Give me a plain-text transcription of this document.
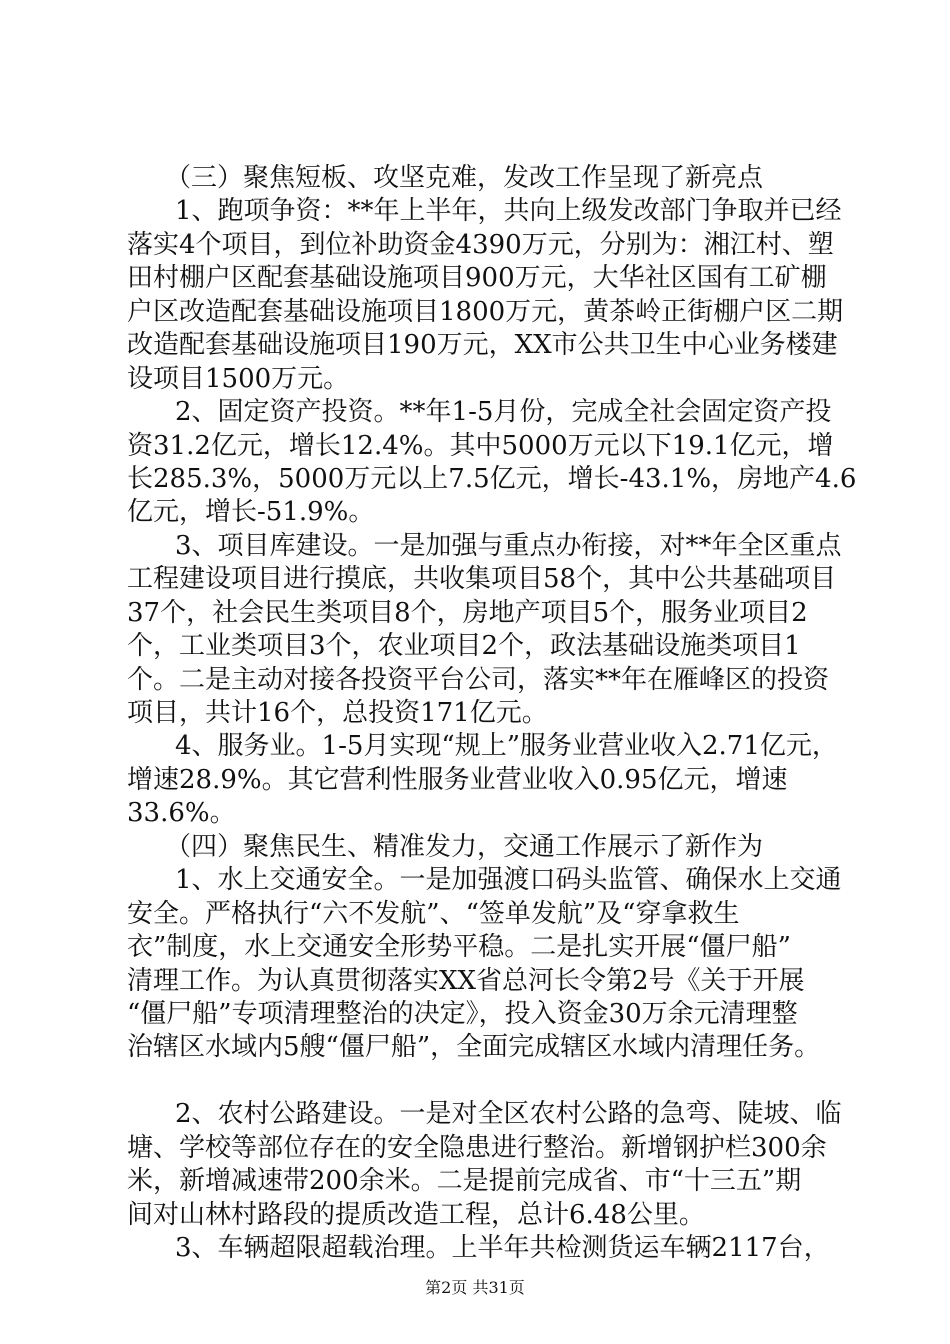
（三）聚焦短板、攻坚克难，发改工作呈现了新亮点
1、跑项争资：**年上半年，共向上级发改部门争取并已经
落实4个项目，到位补助资金4390万元，分别为：湘江村、塑
田村棚户区配套基础设施项目900万元，大华社区国有工矿棚
户区改造配套基础设施项目1800万元，黄茶岭正街棚户区二期
改造配套基础设施项目190万元，XX市公共卫生中心业务楼建
设项目1500万元。
2、固定资产投资。**年1-5月份，完成全社会固定资产投
资31.2亿元，增长12.4%。其中5000万元以下19.1亿元，增
长285.3%，5000万元以上7.5亿元，增长-43.1%，房地产4.6
亿元，增长-51.9%。
3、项目库建设。一是加强与重点办衔接，对**年全区重点
工程建设项目进行摸底，共收集项目58个，其中公共基础项目
37个，社会民生类项目8个，房地产项目5个，服务业项目2
个，工业类项目3个，农业项目2个，政法基础设施类项目1
个。二是主动对接各投资平台公司，落实**年在雁峰区的投资
项目，共计16个，总投资171亿元。
4、服务业。1-5月实现“规上”服务业营业收入2.71亿元，
增速28.9%。其它营利性服务业营业收入0.95亿元，增速
33.6%。
（四）聚焦民生、精准发力，交通工作展示了新作为
1、水上交通安全。一是加强渡口码头监管、确保水上交通
安全。严格执行“六不发航”、“签单发航”及“穿拿救生
衣”制度，水上交通安全形势平稳。二是扎实开展“僵尸船”
清理工作。为认真贯彻落实XX省总河长令第2号《关于开展
“僵尸船”专项清理整治的决定》，投入资金30万余元清理整
治辖区水域内5艘“僵尸船”，全面完成辖区水域内清理任务。
2、农村公路建设。一是对全区农村公路的急弯、陡坡、临
塘、学校等部位存在的安全隐患进行整治。新增钢护栏300余
米，新增减速带200余米。二是提前完成省、市“十三五”期
间对山林村路段的提质改造工程，总计6.48公里。
3、车辆超限超载治理。上半年共检测货运车辆2117台，
第2页 共31页
